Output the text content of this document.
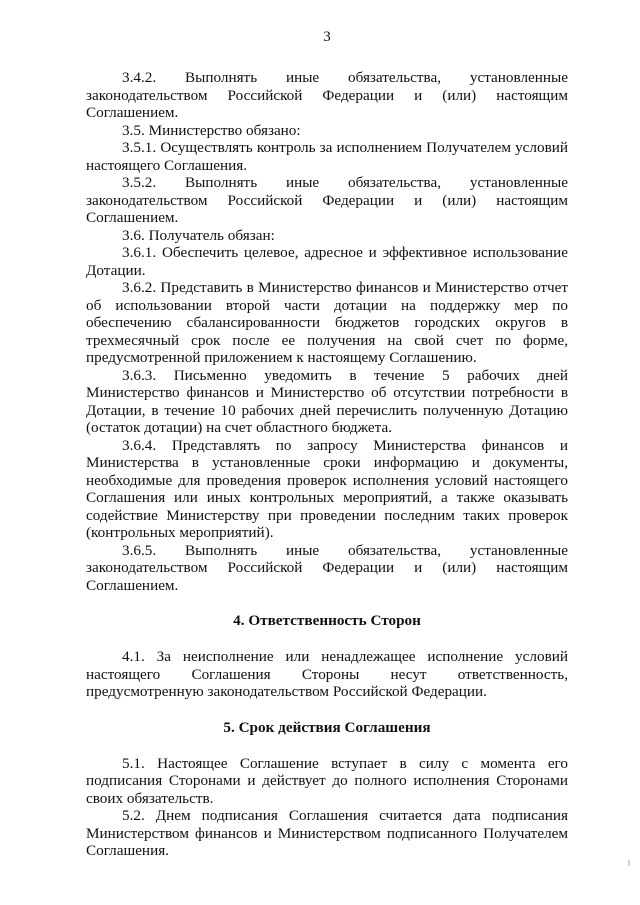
3

3.4.2. Выполнять иные обязательства, установленные законодательством Российской Федерации и (или) настоящим Соглашением.

3.5. Министерство обязано:

3.5.1. Осуществлять контроль за исполнением Получателем условий настоящего Соглашения.

3.5.2. Выполнять иные обязательства, установленные законодательством Российской Федерации и (или) настоящим Соглашением.

3.6. Получатель обязан:

3.6.1. Обеспечить целевое, адресное и эффективное использование Дотации.

3.6.2. Представить в Министерство финансов и Министерство отчет об использовании второй части дотации на поддержку мер по обеспечению сбалансированности бюджетов городских округов в трехмесячный срок после ее получения на свой счет по форме, предусмотренной приложением к настоящему Соглашению.

3.6.3. Письменно уведомить в течение 5 рабочих дней Министерство финансов и Министерство об отсутствии потребности в Дотации, в течение 10 рабочих дней перечислить полученную Дотацию (остаток дотации) на счет областного бюджета.

3.6.4. Представлять по запросу Министерства финансов и Министерства в установленные сроки информацию и документы, необходимые для проведения проверок исполнения условий настоящего Соглашения или иных контрольных мероприятий, а также оказывать содействие Министерству при проведении последним таких проверок (контрольных мероприятий).

3.6.5. Выполнять иные обязательства, установленные законодательством Российской Федерации и (или) настоящим Соглашением.

4. Ответственность Сторон

4.1. За неисполнение или ненадлежащее исполнение условий настоящего Соглашения Стороны несут ответственность, предусмотренную законодательством Российской Федерации.

5. Срок действия Соглашения

5.1. Настоящее Соглашение вступает в силу с момента его подписания Сторонами и действует до полного исполнения Сторонами своих обязательств.

5.2. Днем подписания Соглашения считается дата подписания Министерством финансов и Министерством подписанного Получателем Соглашения.
